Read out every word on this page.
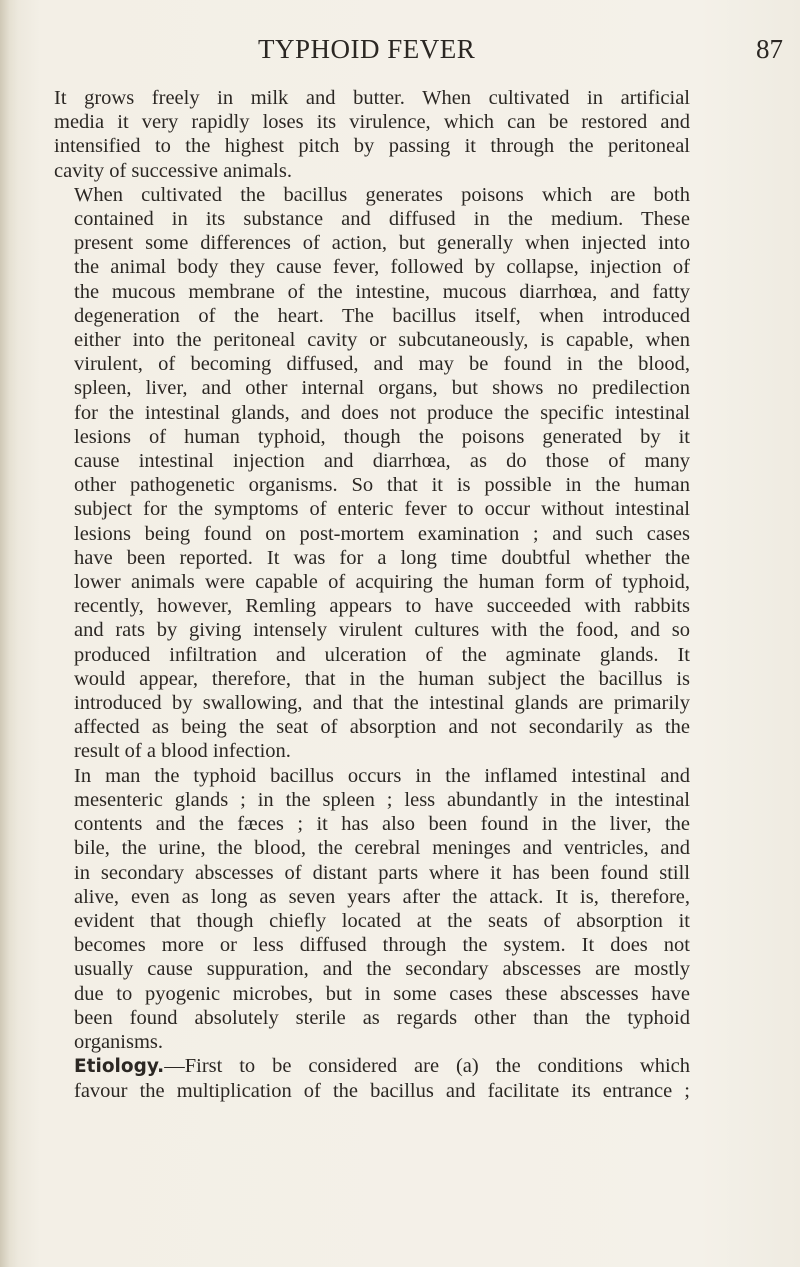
TYPHOID FEVER	87

It grows freely in milk and butter. When cultivated in artificial
media it very rapidly loses its virulence, which can be restored and
intensified to the highest pitch by passing it through the peritoneal
cavity of successive animals.

When cultivated the bacillus generates poisons which are both
contained in its substance and diffused in the medium. These
present some differences of action, but generally when injected into
the animal body they cause fever, followed by collapse, injection of
the mucous membrane of the intestine, mucous diarrhœa, and fatty
degeneration of the heart. The bacillus itself, when introduced
either into the peritoneal cavity or subcutaneously, is capable, when
virulent, of becoming diffused, and may be found in the blood,
spleen, liver, and other internal organs, but shows no predilection
for the intestinal glands, and does not produce the specific intestinal
lesions of human typhoid, though the poisons generated by it
cause intestinal injection and diarrhœa, as do those of many
other pathogenetic organisms. So that it is possible in the human
subject for the symptoms of enteric fever to occur without intestinal
lesions being found on post-mortem examination ; and such cases
have been reported. It was for a long time doubtful whether the
lower animals were capable of acquiring the human form of typhoid,
recently, however, Remling appears to have succeeded with rabbits
and rats by giving intensely virulent cultures with the food, and so
produced infiltration and ulceration of the agminate glands. It
would appear, therefore, that in the human subject the bacillus is
introduced by swallowing, and that the intestinal glands are primarily
affected as being the seat of absorption and not secondarily as the
result of a blood infection.

In man the typhoid bacillus occurs in the inflamed intestinal and
mesenteric glands ; in the spleen ; less abundantly in the intestinal
contents and the fæces ; it has also been found in the liver, the
bile, the urine, the blood, the cerebral meninges and ventricles, and
in secondary abscesses of distant parts where it has been found still
alive, even as long as seven years after the attack. It is, therefore,
evident that though chiefly located at the seats of absorption it
becomes more or less diffused through the system. It does not
usually cause suppuration, and the secondary abscesses are mostly
due to pyogenic microbes, but in some cases these abscesses have
been found absolutely sterile as regards other than the typhoid
organisms.

Etiology.—First to be considered are (a) the conditions which
favour the multiplication of the bacillus and facilitate its entrance ;
